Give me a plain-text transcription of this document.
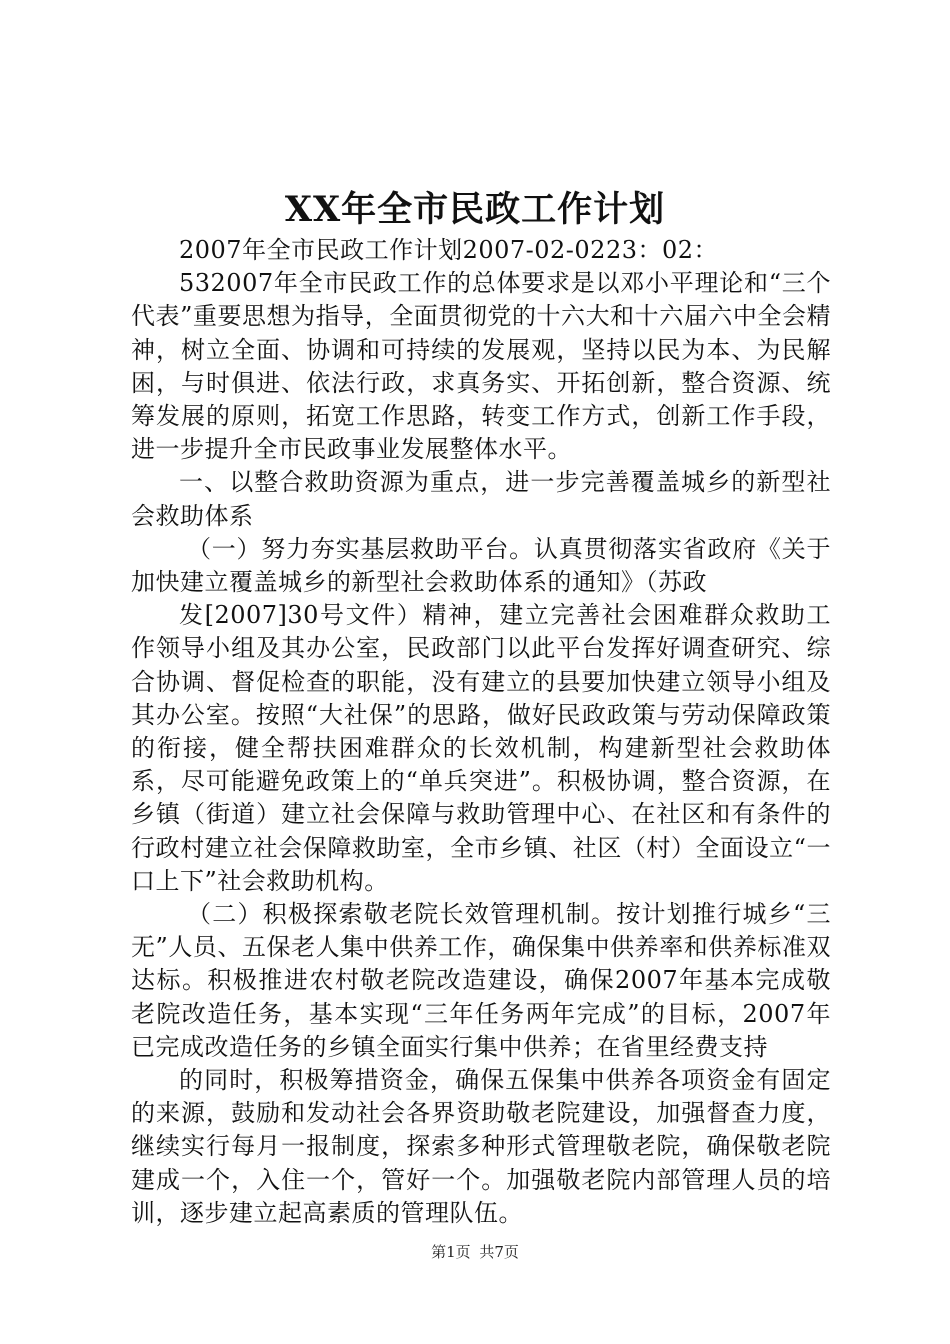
XX年全市民政工作计划

2007年全市民政工作计划2007-02-0223：02：

532007年全市民政工作的总体要求是以邓小平理论和“三个代表”重要思想为指导，全面贯彻党的十六大和十六届六中全会精神，树立全面、协调和可持续的发展观，坚持以民为本、为民解困，与时俱进、依法行政，求真务实、开拓创新，整合资源、统筹发展的原则，拓宽工作思路，转变工作方式，创新工作手段，进一步提升全市民政事业发展整体水平。

一、以整合救助资源为重点，进一步完善覆盖城乡的新型社会救助体系

（一）努力夯实基层救助平台。认真贯彻落实省政府《关于加快建立覆盖城乡的新型社会救助体系的通知》（苏政

发[2007]30号文件）精神，建立完善社会困难群众救助工作领导小组及其办公室，民政部门以此平台发挥好调查研究、综合协调、督促检查的职能，没有建立的县要加快建立领导小组及其办公室。按照“大社保”的思路，做好民政政策与劳动保障政策的衔接，健全帮扶困难群众的长效机制，构建新型社会救助体系，尽可能避免政策上的“单兵突进”。积极协调，整合资源，在乡镇（街道）建立社会保障与救助管理中心、在社区和有条件的行政村建立社会保障救助室，全市乡镇、社区（村）全面设立“一口上下”社会救助机构。

（二）积极探索敬老院长效管理机制。按计划推行城乡“三无”人员、五保老人集中供养工作，确保集中供养率和供养标准双达标。积极推进农村敬老院改造建设，确保2007年基本完成敬老院改造任务，基本实现“三年任务两年完成”的目标，2007年已完成改造任务的乡镇全面实行集中供养；在省里经费支持

的同时，积极筹措资金，确保五保集中供养各项资金有固定的来源，鼓励和发动社会各界资助敬老院建设，加强督查力度，继续实行每月一报制度，探索多种形式管理敬老院，确保敬老院建成一个，入住一个，管好一个。加强敬老院内部管理人员的培训，逐步建立起高素质的管理队伍。

第1页 共7页
